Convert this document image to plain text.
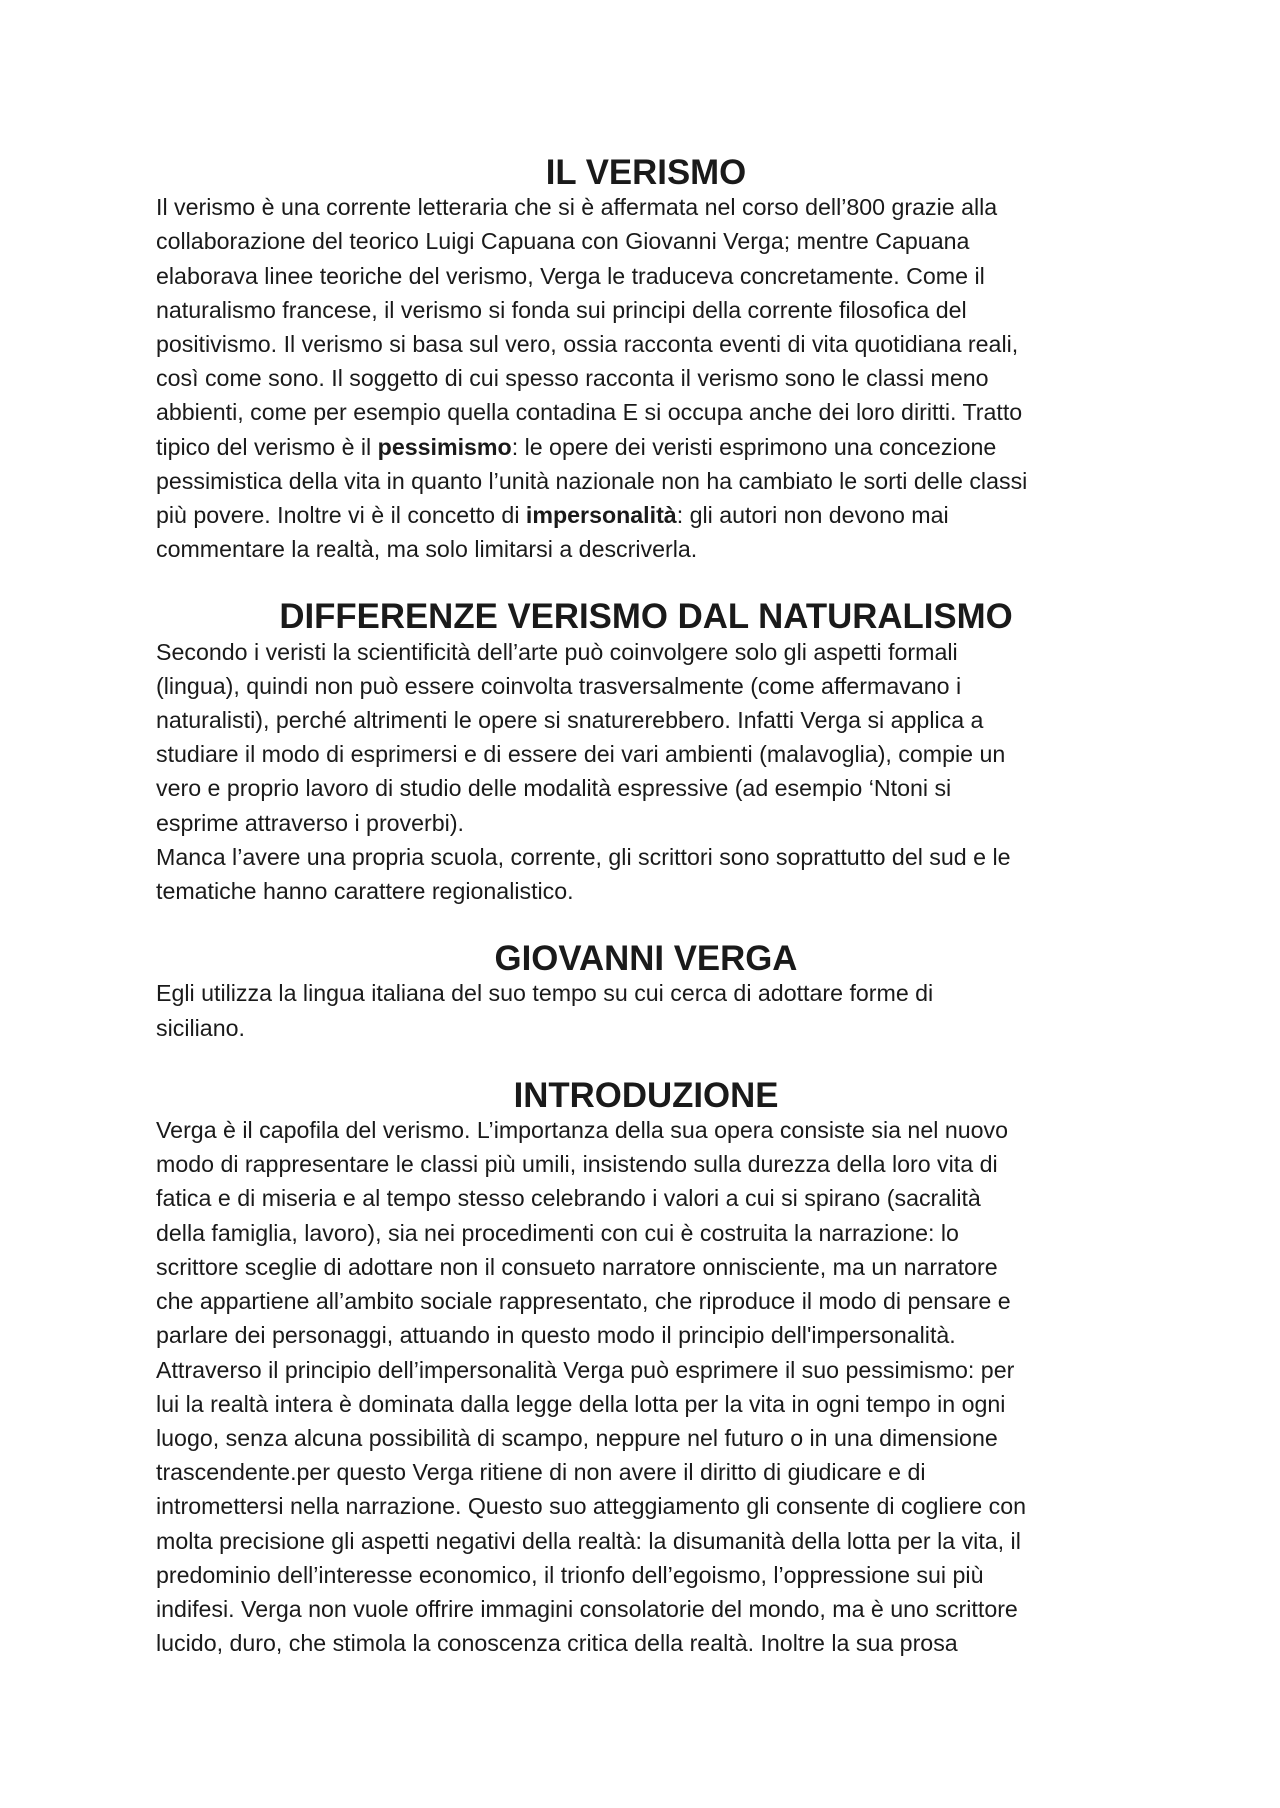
IL VERISMO
Il verismo è una corrente letteraria che si è affermata nel corso dell’800 grazie alla
collaborazione del teorico Luigi Capuana con Giovanni Verga; mentre Capuana
elaborava linee teoriche del verismo, Verga le traduceva concretamente. Come il
naturalismo francese, il verismo si fonda sui principi della corrente filosofica del
positivismo. Il verismo si basa sul vero, ossia racconta eventi di vita quotidiana reali,
così come sono. Il soggetto di cui spesso racconta il verismo sono le classi meno
abbienti, come per esempio quella contadina E si occupa anche dei loro diritti. Tratto
tipico del verismo è il pessimismo: le opere dei veristi esprimono una concezione
pessimistica della vita in quanto l’unità nazionale non ha cambiato le sorti delle classi
più povere. Inoltre vi è il concetto di impersonalità: gli autori non devono mai
commentare la realtà, ma solo limitarsi a descriverla.
DIFFERENZE VERISMO DAL NATURALISMO
Secondo i veristi la scientificità dell’arte può coinvolgere solo gli aspetti formali
(lingua), quindi non può essere coinvolta trasversalmente (come affermavano i
naturalisti), perché altrimenti le opere si snaturerebbero. Infatti Verga si applica a
studiare il modo di esprimersi e di essere dei vari ambienti (malavoglia), compie un
vero e proprio lavoro di studio delle modalità espressive (ad esempio ‘Ntoni si
esprime attraverso i proverbi).
Manca l’avere una propria scuola, corrente, gli scrittori sono soprattutto del sud e le
tematiche hanno carattere regionalistico.
GIOVANNI VERGA
Egli utilizza la lingua italiana del suo tempo su cui cerca di adottare forme di
siciliano.
INTRODUZIONE
Verga è il capofila del verismo. L’importanza della sua opera consiste sia nel nuovo
modo di rappresentare le classi più umili, insistendo sulla durezza della loro vita di
fatica e di miseria e al tempo stesso celebrando i valori a cui si spirano (sacralità
della famiglia, lavoro), sia nei procedimenti con cui è costruita la narrazione: lo
scrittore sceglie di adottare non il consueto narratore onnisciente, ma un narratore
che appartiene all’ambito sociale rappresentato, che riproduce il modo di pensare e
parlare dei personaggi, attuando in questo modo il principio dell'impersonalità.
Attraverso il principio dell’impersonalità Verga può esprimere il suo pessimismo: per
lui la realtà intera è dominata dalla legge della lotta per la vita in ogni tempo in ogni
luogo, senza alcuna possibilità di scampo, neppure nel futuro o in una dimensione
trascendente.per questo Verga ritiene di non avere il diritto di giudicare e di
intromettersi nella narrazione. Questo suo atteggiamento gli consente di cogliere con
molta precisione gli aspetti negativi della realtà: la disumanità della lotta per la vita, il
predominio dell’interesse economico, il trionfo dell’egoismo, l’oppressione sui più
indifesi. Verga non vuole offrire immagini consolatorie del mondo, ma è uno scrittore
lucido, duro, che stimola la conoscenza critica della realtà. Inoltre la sua prosa
